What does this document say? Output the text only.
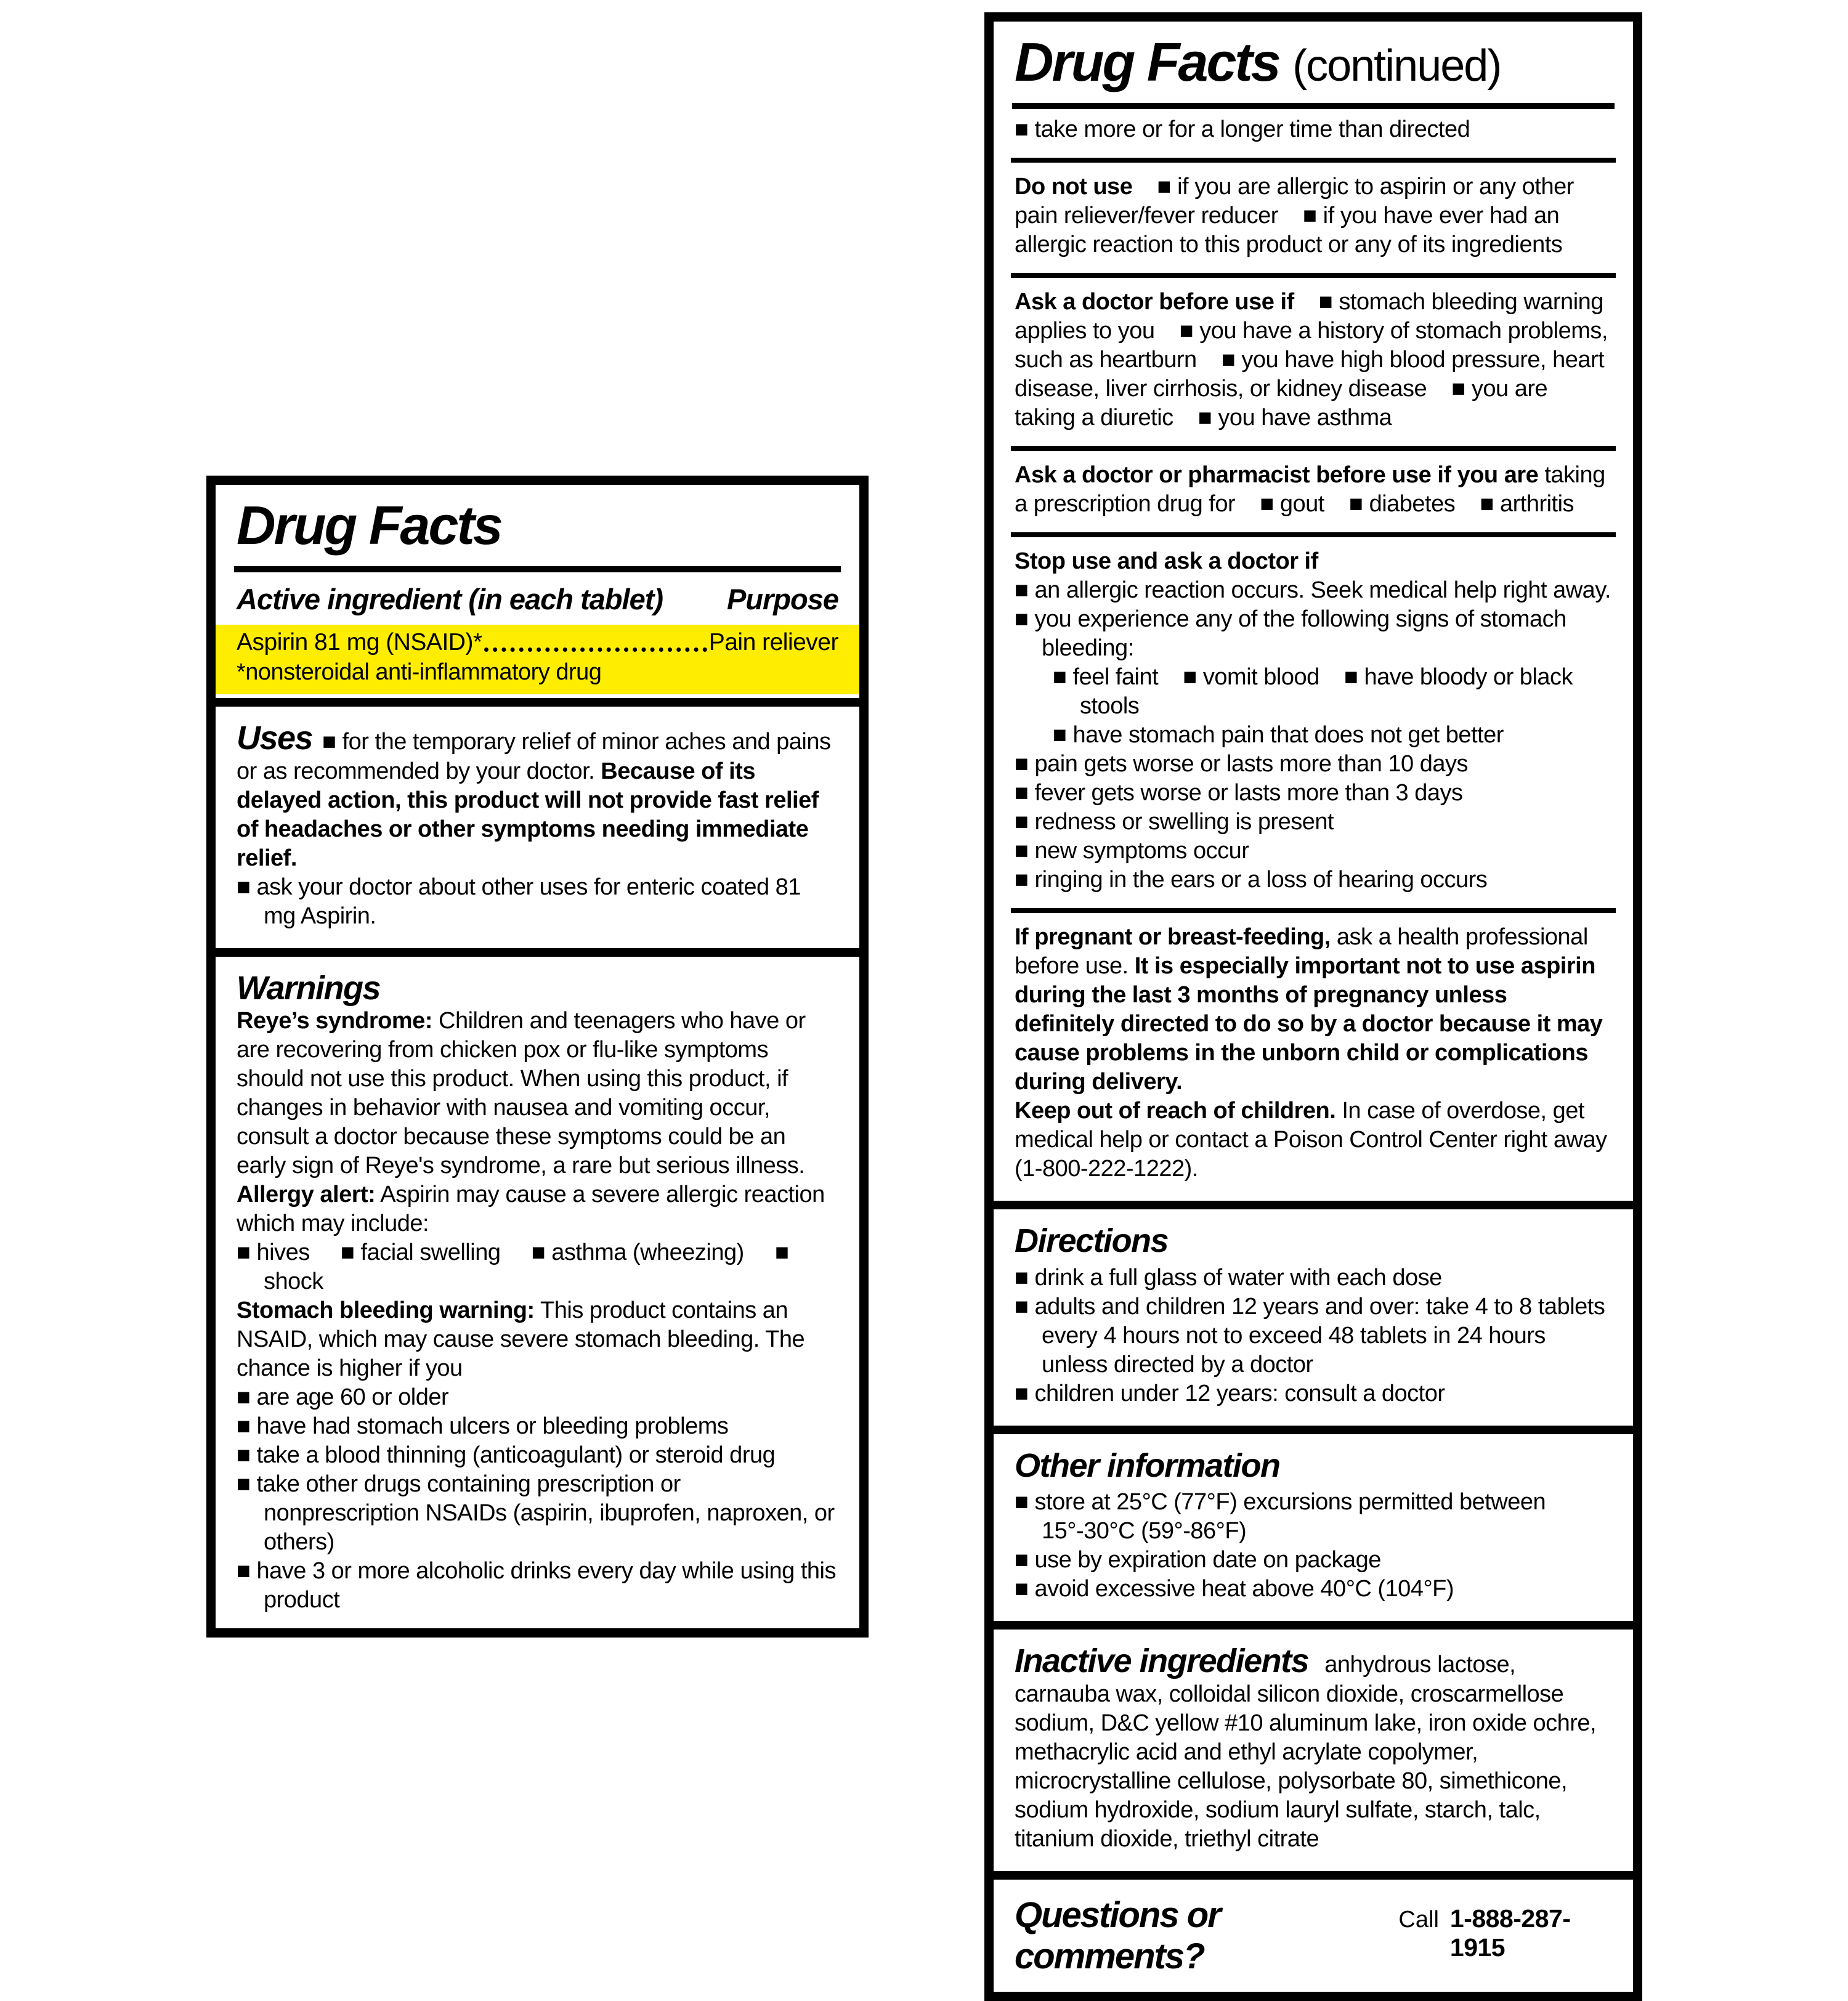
Drug Facts
Active ingredient (in each tablet) Purpose
Aspirin 81 mg (NSAID)*	Pain reliever
*nonsteroidal anti-inflammatory drug
Uses ■ for the temporary relief of minor aches and pains or as recommended by your doctor. Because of its delayed action, this product will not provide fast relief of headaches or other symptoms needing immediate relief.
■ ask your doctor about other uses for enteric coated 81 mg Aspirin.
Warnings
Reye’s syndrome: Children and teenagers who have or are recovering from chicken pox or flu-like symptoms should not use this product. When using this product, if changes in behavior with nausea and vomiting occur, consult a doctor because these symptoms could be an early sign of Reye's syndrome, a rare but serious illness.
Allergy alert: Aspirin may cause a severe allergic reaction which may include:
■ hives     ■ facial swelling     ■ asthma (wheezing)     ■ shock
Stomach bleeding warning: This product contains an NSAID, which may cause severe stomach bleeding. The chance is higher if you
■ are age 60 or older
■ have had stomach ulcers or bleeding problems
■ take a blood thinning (anticoagulant) or steroid drug
■ take other drugs containing prescription or nonprescription NSAIDs (aspirin, ibuprofen, naproxen, or others)
■ have 3 or more alcoholic drinks every day while using this product
Drug Facts (continued)
■ take more or for a longer time than directed
Do not use    ■ if you are allergic to aspirin or any other pain reliever/fever reducer    ■ if you have ever had an allergic reaction to this product or any of its ingredients
Ask a doctor before use if    ■ stomach bleeding warning applies to you    ■ you have a history of stomach problems, such as heartburn    ■ you have high blood pressure, heart disease, liver cirrhosis, or kidney disease    ■ you are taking a diuretic    ■ you have asthma
Ask a doctor or pharmacist before use if you are taking a prescription drug for    ■ gout    ■ diabetes    ■ arthritis
Stop use and ask a doctor if
■ an allergic reaction occurs. Seek medical help right away.
■ you experience any of the following signs of stomach bleeding:
■ feel faint    ■ vomit blood    ■ have bloody or black stools
■ have stomach pain that does not get better
■ pain gets worse or lasts more than 10 days
■ fever gets worse or lasts more than 3 days
■ redness or swelling is present
■ new symptoms occur
■ ringing in the ears or a loss of hearing occurs
If pregnant or breast-feeding, ask a health professional before use. It is especially important not to use aspirin during the last 3 months of pregnancy unless definitely directed to do so by a doctor because it may cause problems in the unborn child or complications during delivery.
Keep out of reach of children. In case of overdose, get medical help or contact a Poison Control Center right away (1-800-222-1222).
Directions
■ drink a full glass of water with each dose
■ adults and children 12 years and over: take 4 to 8 tablets every 4 hours not to exceed 48 tablets in 24 hours unless directed by a doctor
■ children under 12 years: consult a doctor
Other information
■ store at 25°C (77°F) excursions permitted between 15°-30°C (59°-86°F)
■ use by expiration date on package
■ avoid excessive heat above 40°C (104°F)
Inactive ingredients anhydrous lactose, carnauba wax, colloidal silicon dioxide, croscarmellose sodium, D&C yellow #10 aluminum lake, iron oxide ochre, methacrylic acid and ethyl acrylate copolymer, microcrystalline cellulose, polysorbate 80, simethicone, sodium hydroxide, sodium lauryl sulfate, starch, talc, titanium dioxide, triethyl citrate
Questions or comments?
Call 1-888-287-1915
